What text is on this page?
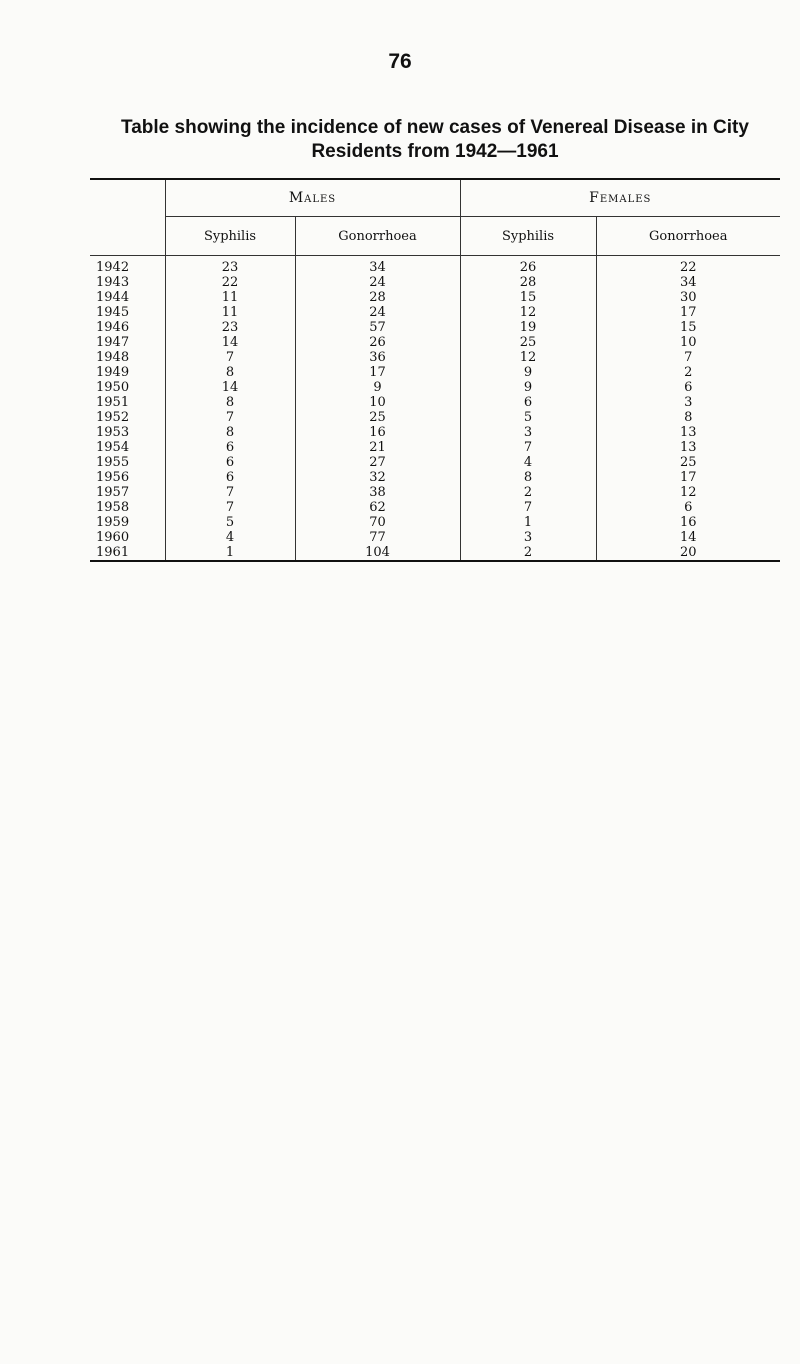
76
Table showing the incidence of new cases of Venereal Disease in City
Residents from 1942—1961

	Males		Females	
	Syphilis	Gonorrhoea	Syphilis	Gonorrhoea
1942	23	34	26	22
1943	22	24	28	34
1944	11	28	15	30
1945	11	24	12	17
1946	23	57	19	15
1947	14	26	25	10
1948	7	36	12	7
1949	8	17	9	2
1950	14	9	9	6
1951	8	10	6	3
1952	7	25	5	8
1953	8	16	3	13
1954	6	21	7	13
1955	6	27	4	25
1956	6	32	8	17
1957	7	38	2	12
1958	7	62	7	6
1959	5	70	1	16
1960	4	77	3	14
1961	1	104	2	20
